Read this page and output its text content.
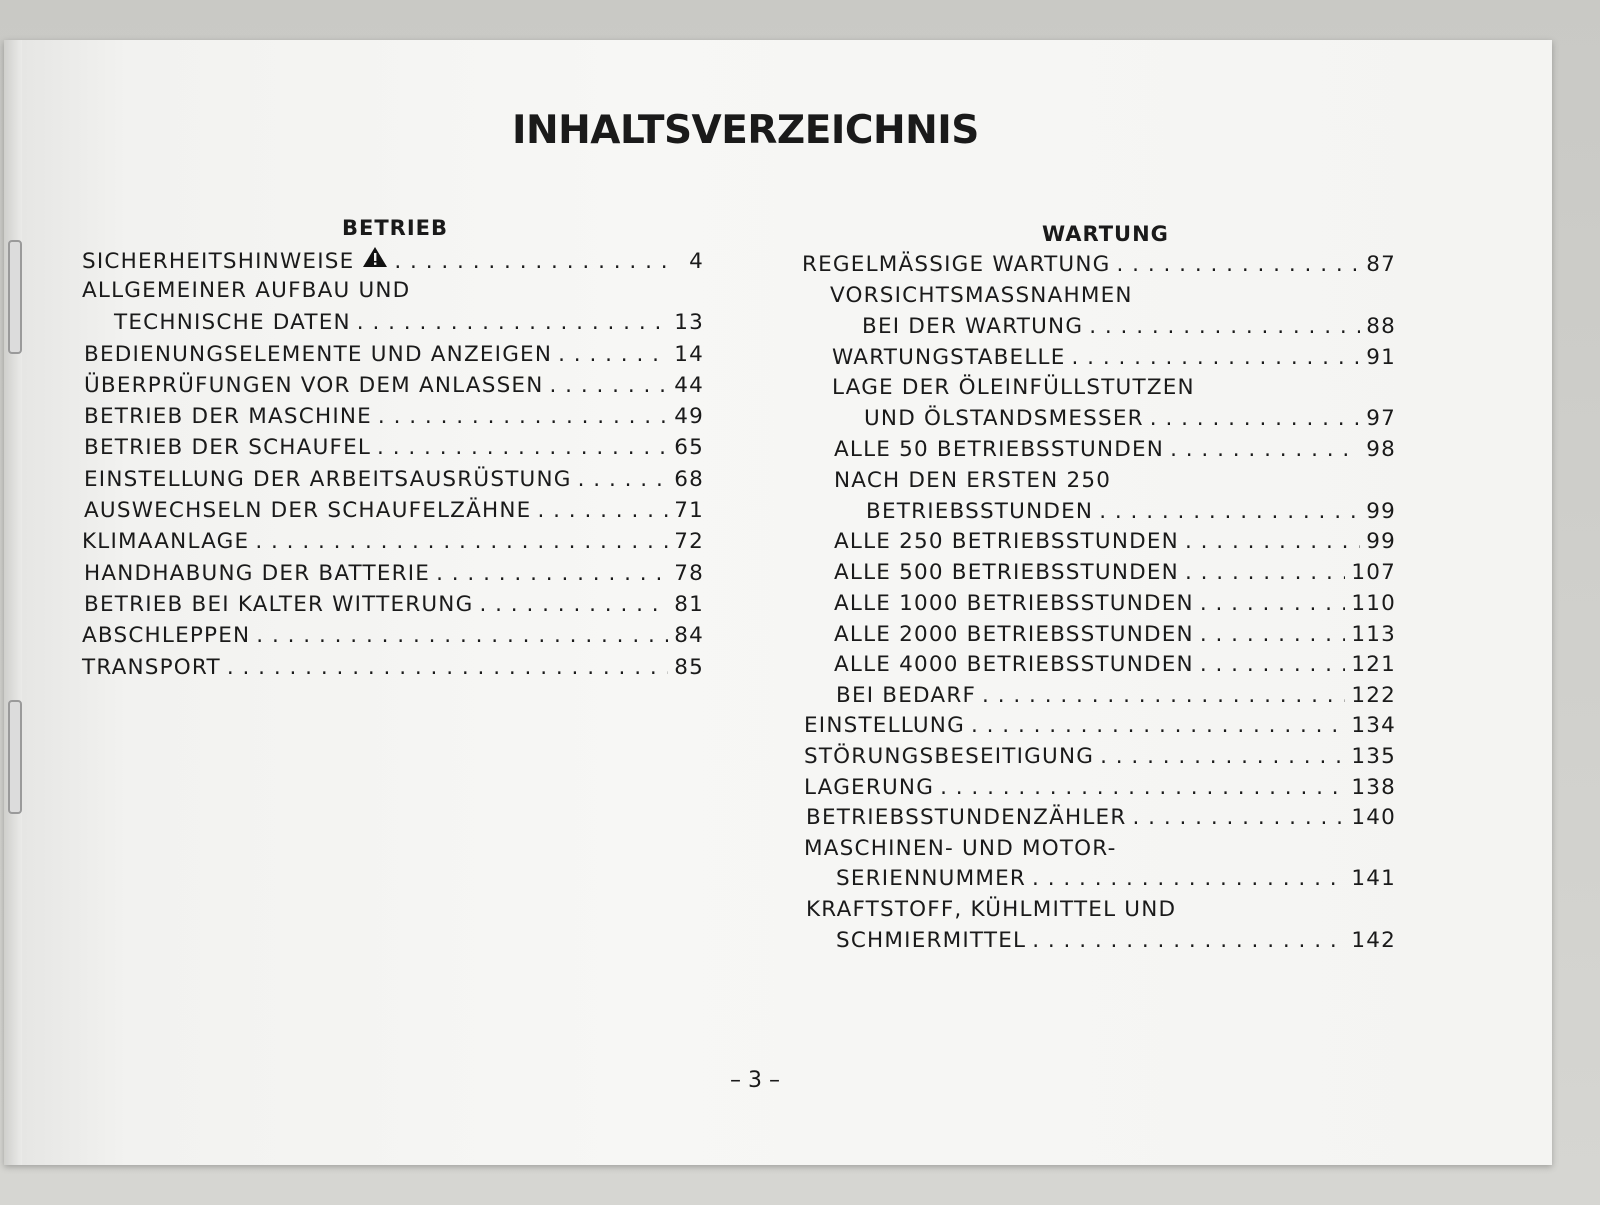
INHALTSVERZEICHNIS
BETRIEB	WARTUNG
SICHERHEITSHINWEISE . . .	4
ALLGEMEINER AUFBAU UND
TECHNISCHE DATEN . . .	13
BEDIENUNGSELEMENTE UND ANZEIGEN . . .	14
ÜBERPRÜFUNGEN VOR DEM ANLASSEN . . .	44
BETRIEB DER MASCHINE . . .	49
BETRIEB DER SCHAUFEL . . .	65
EINSTELLUNG DER ARBEITSAUSRÜSTUNG . . .	68
AUSWECHSELN DER SCHAUFELZÄHNE . . .	71
KLIMAANLAGE . . .	72
HANDHABUNG DER BATTERIE . . .	78
BETRIEB BEI KALTER WITTERUNG . . .	81
ABSCHLEPPEN . . .	84
TRANSPORT . . .	85
REGELMÄSSIGE WARTUNG . . .	87
VORSICHTSMASSNAHMEN
BEI DER WARTUNG . . .	88
WARTUNGSTABELLE . . .	91
LAGE DER ÖLEINFÜLLSTUTZEN
UND ÖLSTANDSMESSER . . .	97
ALLE 50 BETRIEBSSTUNDEN . . .	98
NACH DEN ERSTEN 250
BETRIEBSSTUNDEN . . .	99
ALLE 250 BETRIEBSSTUNDEN . . .	99
ALLE 500 BETRIEBSSTUNDEN . . .	107
ALLE 1000 BETRIEBSSTUNDEN . . .	110
ALLE 2000 BETRIEBSSTUNDEN . . .	113
ALLE 4000 BETRIEBSSTUNDEN . . .	121
BEI BEDARF . . .	122
EINSTELLUNG . . .	134
STÖRUNGSBESEITIGUNG . . .	135
LAGERUNG . . .	138
BETRIEBSSTUNDENZÄHLER . . .	140
MASCHINEN- UND MOTOR-
SERIENNUMMER . . .	141
KRAFTSTOFF, KÜHLMITTEL UND
SCHMIERMITTEL . . .	142
– 3 –
